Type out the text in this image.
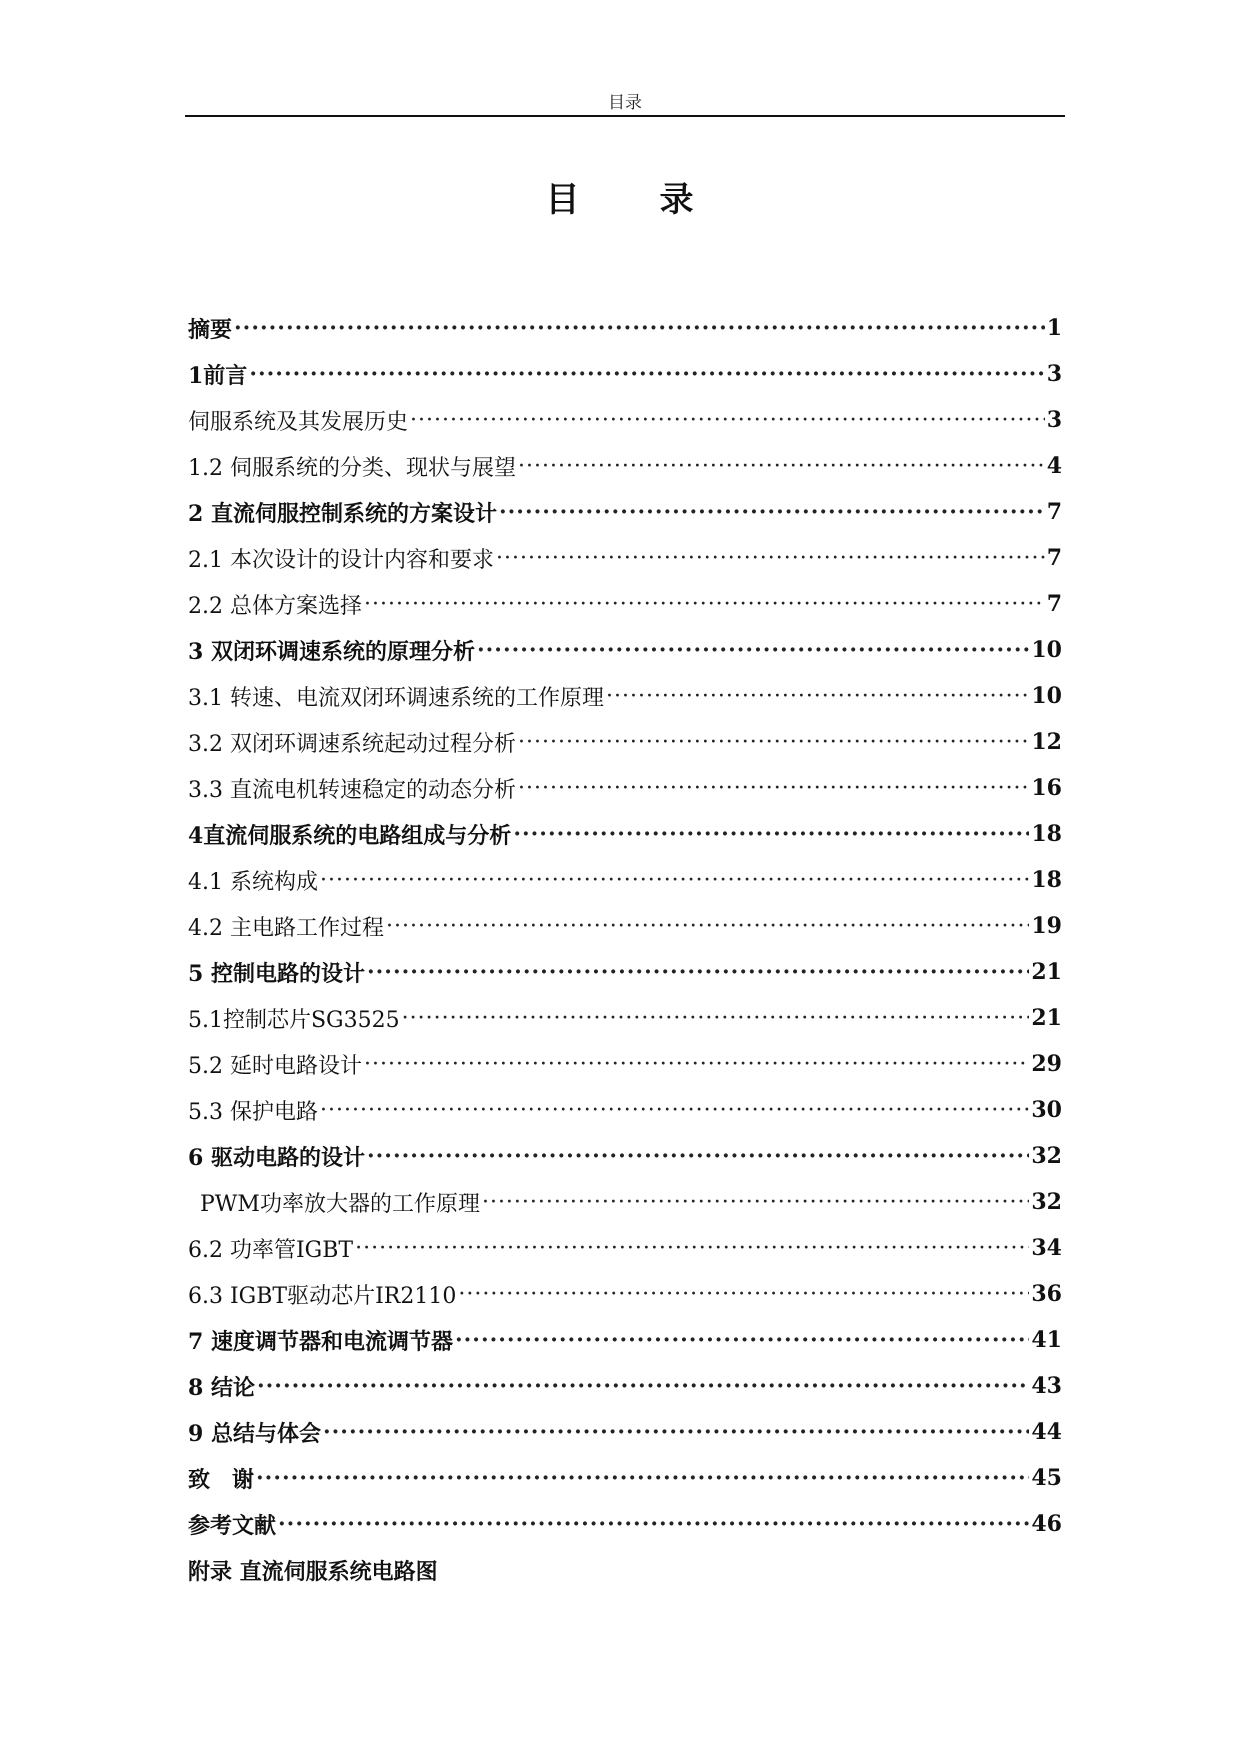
目录
目 录
摘要 ·····	1
1前言 ·····	3
伺服系统及其发展历史 ·····	3
1.2 伺服系统的分类、现状与展望 ·····	4
2 直流伺服控制系统的方案设计 ·····	7
2.1 本次设计的设计内容和要求 ·····	7
2.2 总体方案选择 ·····	7
3 双闭环调速系统的原理分析 ·····	10
3.1 转速、电流双闭环调速系统的工作原理 ·····	10
3.2 双闭环调速系统起动过程分析 ·····	12
3.3 直流电机转速稳定的动态分析 ·····	16
4直流伺服系统的电路组成与分析 ·····	18
4.1 系统构成 ·····	18
4.2 主电路工作过程 ·····	19
5 控制电路的设计 ·····	21
5.1控制芯片SG3525 ·····	21
5.2 延时电路设计 ·····	29
5.3 保护电路 ·····	30
6 驱动电路的设计 ·····	32
PWM功率放大器的工作原理 ·····	32
6.2 功率管IGBT ·····	34
6.3 IGBT驱动芯片IR2110 ·····	36
7 速度调节器和电流调节器 ·····	41
8 结论 ·····	43
9 总结与体会 ·····	44
致　谢 ·····	45
参考文献 ·····	46
附录 直流伺服系统电路图
